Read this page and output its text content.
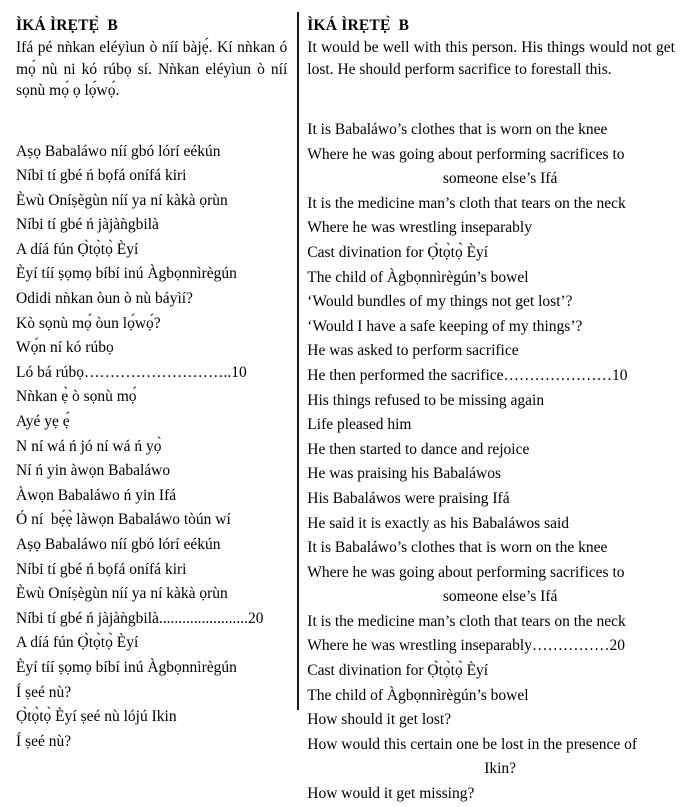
ÌKÁ ÌRẸTẸ̀  B

Ifá pé nǹkan eléyìun ò níí bàjẹ́. Kí nǹkan ó mọ́ nù ni kó rúbọ sí. Nǹkan eléyìun ò níí sọnù mọ́ ọ lọ́wọ́.

Aṣọ Babaláwo níí gbó lórí eékún
Níbi tí gbé ń bọfá onífá kiri
Èwù Oníṣègùn níí ya ní kàkà ọrùn
Níbi tí gbé ń jàjàǹgbilà
A díá fún Ọ̀tọ̀tọ̀ Èyí
Èyí tíí ṣọmọ bíbí inú Àgbọnnìrègún
Odidi nǹkan òun ò nù báyìí?
Kò sọnù mọ́ òun lọ́wọ́?
Wọ́n ní kó rúbọ
Ló bá rúbọ………………………..10
Nǹkan ẹ̀ ò sọnù mọ́
Ayé yẹ ẹ́
N ní wá ń jó ní wá ń yọ̀
Ní ń yin àwọn Babaláwo
Àwọn Babaláwo ń yin Ifá
Ó ní  bẹ́ẹ̀ làwọn Babaláwo tòún wí
Aṣọ Babaláwo níí gbó lórí eékún
Níbi tí gbé ń bọfá onífá kiri
Èwù Oníṣègùn níí ya ní kàkà ọrùn
Níbi tí gbé ń jàjàǹgbilà.......................20
A díá fún Ọ̀tọ̀tọ̀ Èyí
Èyí tíí ṣọmọ bíbí inú Àgbọnnìrègún
Í ṣeé nù?
Ọ̀tọ̀tọ̀ Èyí ṣeé nù lójú Ikin
Í ṣeé nù?
ÌKÁ ÌRẸTẸ̀  B

It would be well with this person. His things would not get lost. He should perform sacrifice to forestall this.

It is Babaláwo’s clothes that is worn on the knee
Where he was going about performing sacrifices to
someone else’s Ifá
It is the medicine man’s cloth that tears on the neck
Where he was wrestling inseparably
Cast divination for Ọ̀tọ̀tọ̀ Èyí
The child of Àgbọnnìrègún’s bowel
‘Would bundles of my things not get lost’?
‘Would I have a safe keeping of my things’?
He was asked to perform sacrifice
He then performed the sacrifice…………………10
His things refused to be missing again
Life pleased him
He then started to dance and rejoice
He was praising his Babaláwos
His Babaláwos were praising Ifá
He said it is exactly as his Babaláwos said
It is Babaláwo’s clothes that is worn on the knee
Where he was going about performing sacrifices to
someone else’s Ifá
It is the medicine man’s cloth that tears on the neck
Where he was wrestling inseparably……………20
Cast divination for Ọ̀tọ̀tọ̀ Èyí
The child of Àgbọnnìrègún’s bowel
How should it get lost?
How would this certain one be lost in the presence of
Ikin?
How would it get missing?
